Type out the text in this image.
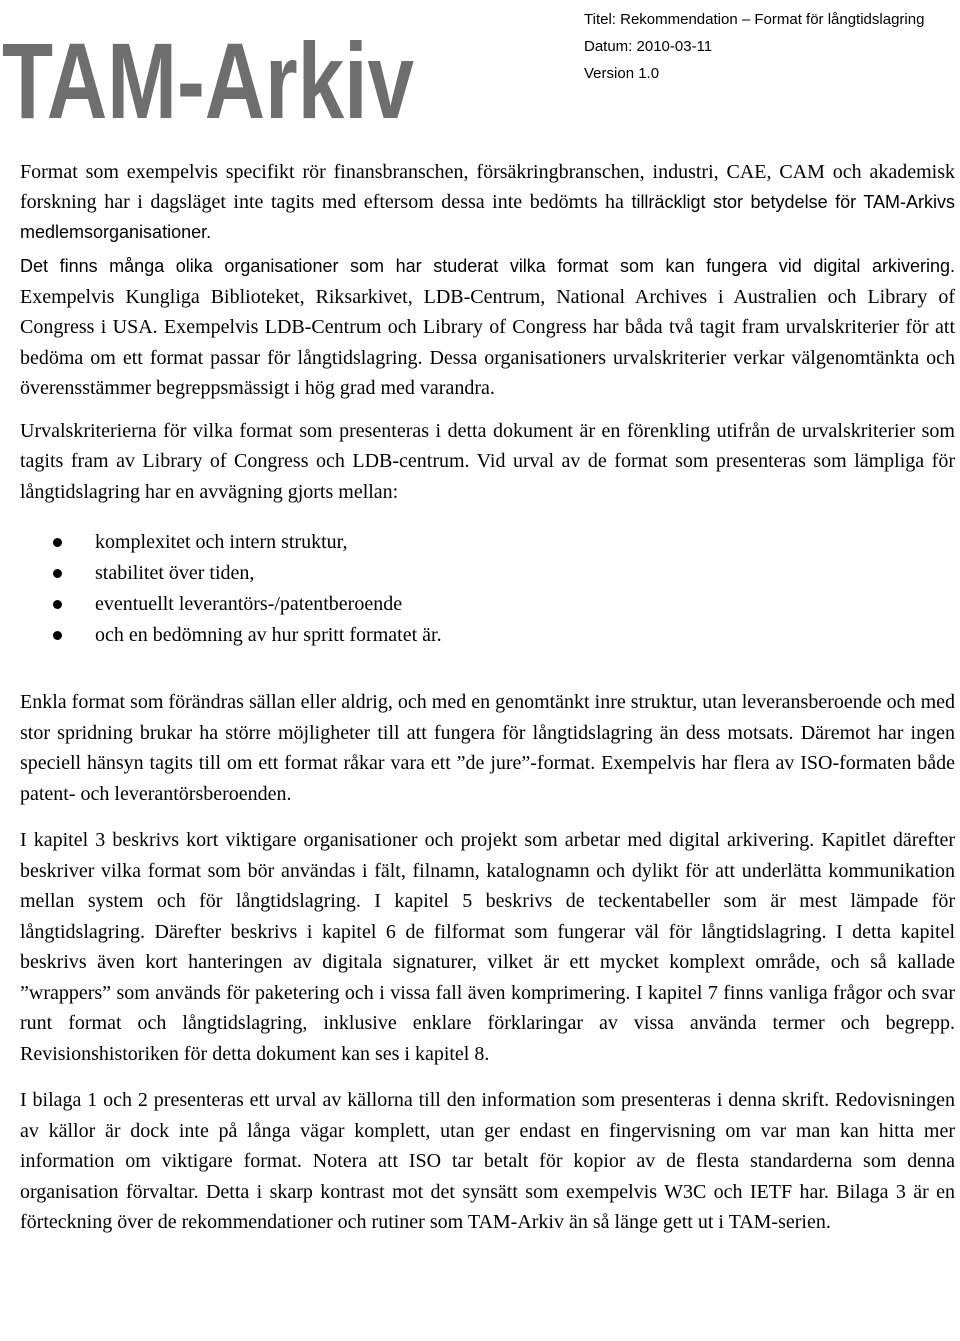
TAM-Arkiv
Titel: Rekommendation – Format för långtidslagring
Datum: 2010-03-11
Version 1.0

Format som exempelvis specifikt rör finansbranschen, försäkringbranschen, industri, CAE, CAM och akademisk forskning har i dagsläget inte tagits med eftersom dessa inte bedömts ha tillräckligt stor betydelse för TAM-Arkivs medlemsorganisationer.

Det finns många olika organisationer som har studerat vilka format som kan fungera vid digital arkivering. Exempelvis Kungliga Biblioteket, Riksarkivet, LDB-Centrum, National Archives i Australien och Library of Congress i USA. Exempelvis LDB-Centrum och Library of Congress har båda två tagit fram urvalskriterier för att bedöma om ett format passar för långtidslagring. Dessa organisationers urvalskriterier verkar välgenomtänkta och överensstämmer begreppsmässigt i hög grad med varandra.

Urvalskriterierna för vilka format som presenteras i detta dokument är en förenkling utifrån de urvalskriterier som tagits fram av Library of Congress och LDB-centrum. Vid urval av de format som presenteras som lämpliga för långtidslagring har en avvägning gjorts mellan:

komplexitet och intern struktur,
stabilitet över tiden,
eventuellt leverantörs-/patentberoende
och en bedömning av hur spritt formatet är.

Enkla format som förändras sällan eller aldrig, och med en genomtänkt inre struktur, utan leveransberoende och med stor spridning brukar ha större möjligheter till att fungera för långtidslagring än dess motsats. Däremot har ingen speciell hänsyn tagits till om ett format råkar vara ett ”de jure”-format. Exempelvis har flera av ISO-formaten både patent- och leverantörsberoenden.

I kapitel 3 beskrivs kort viktigare organisationer och projekt som arbetar med digital arkivering. Kapitlet därefter beskriver vilka format som bör användas i fält, filnamn, katalognamn och dylikt för att underlätta kommunikation mellan system och för långtidslagring. I kapitel 5 beskrivs de teckentabeller som är mest lämpade för långtidslagring. Därefter beskrivs i kapitel 6 de filformat som fungerar väl för långtidslagring. I detta kapitel beskrivs även kort hanteringen av digitala signaturer, vilket är ett mycket komplext område, och så kallade ”wrappers” som används för paketering och i vissa fall även komprimering. I kapitel 7 finns vanliga frågor och svar runt format och långtidslagring, inklusive enklare förklaringar av vissa använda termer och begrepp. Revisionshistoriken för detta dokument kan ses i kapitel 8.

I bilaga 1 och 2 presenteras ett urval av källorna till den information som presenteras i denna skrift. Redovisningen av källor är dock inte på långa vägar komplett, utan ger endast en fingervisning om var man kan hitta mer information om viktigare format. Notera att ISO tar betalt för kopior av de flesta standarderna som denna organisation förvaltar. Detta i skarp kontrast mot det synsätt som exempelvis W3C och IETF har. Bilaga 3 är en förteckning över de rekommendationer och rutiner som TAM-Arkiv än så länge gett ut i TAM-serien.
